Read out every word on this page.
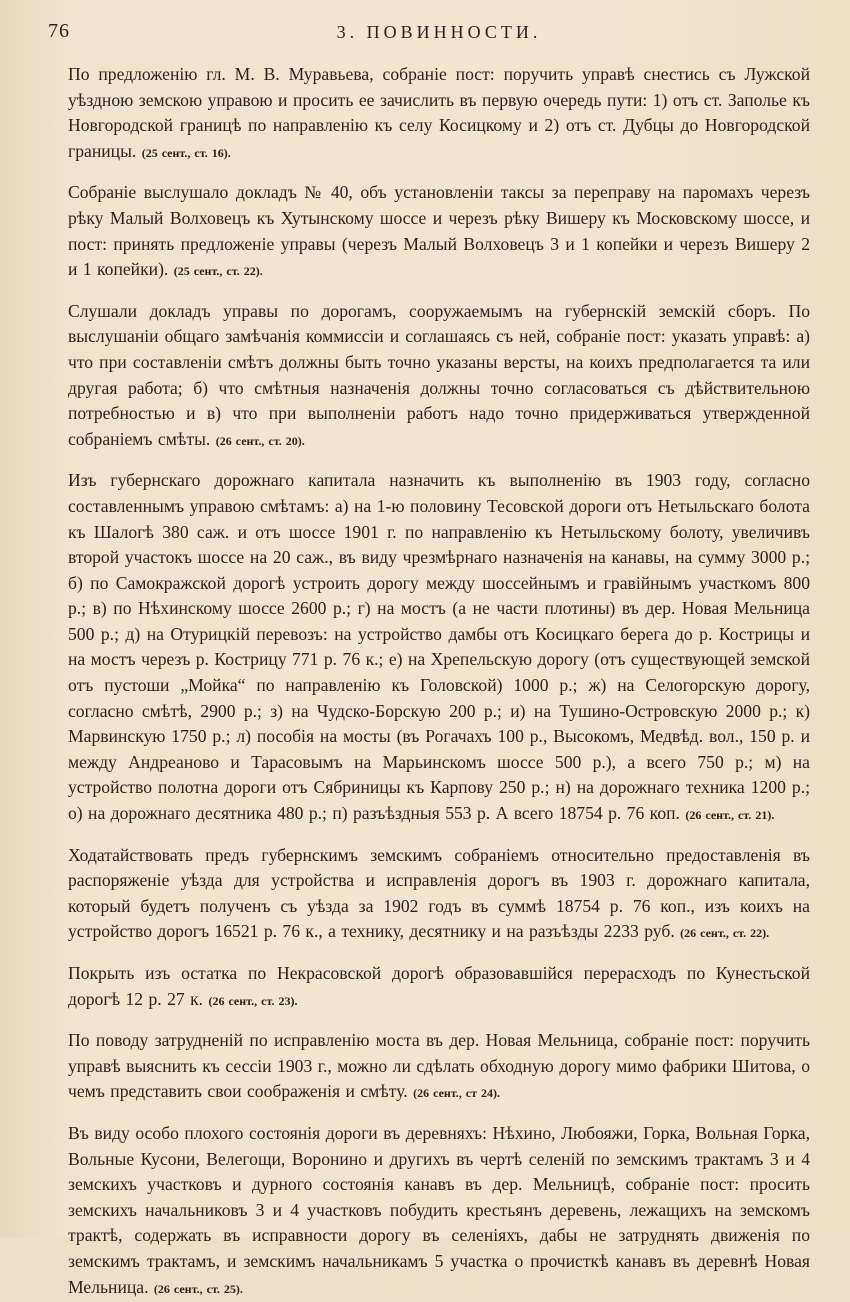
76	3. ПОВИННОСТИ.

По предложенію гл. М. В. Муравьева, собраніе пост: поручить управѣ снестись съ Лужской уѣздною земскою управою и просить ее зачислить въ первую очередь пути: 1) отъ ст. Заполье къ Новгородской границѣ по направленію къ селу Косицкому и 2) отъ ст. Дубцы до Новгородской границы. (25 сент., ст. 16).

Собраніе выслушало докладъ № 40, объ установленіи таксы за переправу на паромахъ черезъ рѣку Малый Волховецъ къ Хутынскому шоссе и черезъ рѣку Вишеру къ Московскому шоссе, и пост: принять предложеніе управы (черезъ Малый Волховецъ 3 и 1 копейки и черезъ Вишеру 2 и 1 копейки). (25 сент., ст. 22).

Слушали докладъ управы по дорогамъ, сооружаемымъ на губернскій земскій сборъ. По выслушаніи общаго замѣчанія коммиссіи и соглашаясь съ ней, собраніе пост: указать управѣ: а) что при составленіи смѣтъ должны быть точно указаны версты, на коихъ предполагается та или другая работа; б) что смѣтныя назначенія должны точно согласоваться съ дѣйствительною потребностью и в) что при выполненіи работъ надо точно придерживаться утвержденной собраніемъ смѣты. (26 сент., ст. 20).

Изъ губернскаго дорожнаго капитала назначить къ выполненію въ 1903 году, согласно составленнымъ управою смѣтамъ: а) на 1-ю половину Тесовской дороги отъ Нетыльскаго болота къ Шалогѣ 380 саж. и отъ шоссе 1901 г. по направленію къ Нетыльскому болоту, увеличивъ второй участокъ шоссе на 20 саж., въ виду чрезмѣрнаго назначенія на канавы, на сумму 3000 р.; б) по Самокражской дорогѣ устроить дорогу между шоссейнымъ и гравійнымъ участкомъ 800 р.; в) по Нѣхинскому шоссе 2600 р.; г) на мостъ (а не части плотины) въ дер. Новая Мельница 500 р.; д) на Отурицкій перевозъ: на устройство дамбы отъ Косицкаго берега до р. Кострицы и на мостъ черезъ р. Кострицу 771 р. 76 к.; е) на Хрепельскую дорогу (отъ существующей земской отъ пустоши „Мойка“ по направленію къ Головской) 1000 р.; ж) на Селогорскую дорогу, согласно смѣтѣ, 2900 р.; з) на Чудско-Борскую 200 р.; и) на Тушино-Островскую 2000 р.; к) Марвинскую 1750 р.; л) пособія на мосты (въ Рогачахъ 100 р., Высокомъ, Медвѣд. вол., 150 р. и между Андреаново и Тарасовымъ на Марьинскомъ шоссе 500 р.), а всего 750 р.; м) на устройство полотна дороги отъ Сябриницы къ Карпову 250 р.; н) на дорожнаго техника 1200 р.; о) на дорожнаго десятника 480 р.; п) разъѣздныя 553 р. А всего 18754 р. 76 коп. (26 сент., ст. 21).

Ходатайствовать предъ губернскимъ земскимъ собраніемъ относительно предоставленія въ распоряженіе уѣзда для устройства и исправленія дорогъ въ 1903 г. дорожнаго капитала, который будетъ полученъ съ уѣзда за 1902 годъ въ суммѣ 18754 р. 76 коп., изъ коихъ на устройство дорогъ 16521 р. 76 к., а технику, десятнику и на разъѣзды 2233 руб. (26 сент., ст. 22).

Покрыть изъ остатка по Некрасовской дорогѣ образовавшійся перерасходъ по Кунестьской дорогѣ 12 р. 27 к. (26 сент., ст. 23).

По поводу затрудненій по исправленію моста въ дер. Новая Мельница, собраніе пост: поручить управѣ выяснить къ сессіи 1903 г., можно ли сдѣлать обходную дорогу мимо фабрики Шитова, о чемъ представить свои соображенія и смѣту. (26 сент., ст 24).

Въ виду особо плохого состоянія дороги въ деревняхъ: Нѣхино, Любояжи, Горка, Вольная Горка, Вольные Кусони, Велегощи, Воронино и другихъ въ чертѣ селеній по земскимъ трактамъ 3 и 4 земскихъ участковъ и дурного состоянія канавъ въ дер. Мельницѣ, собраніе пост: просить земскихъ начальниковъ 3 и 4 участковъ побудить крестьянъ деревень, лежащихъ на земскомъ трактѣ, содержать въ исправности дорогу въ селеніяхъ, дабы не затруднять движенія по земскимъ трактамъ, и земскимъ начальникамъ 5 участка о прочисткѣ канавъ въ деревнѣ Новая Мельница. (26 сент., ст. 25).
